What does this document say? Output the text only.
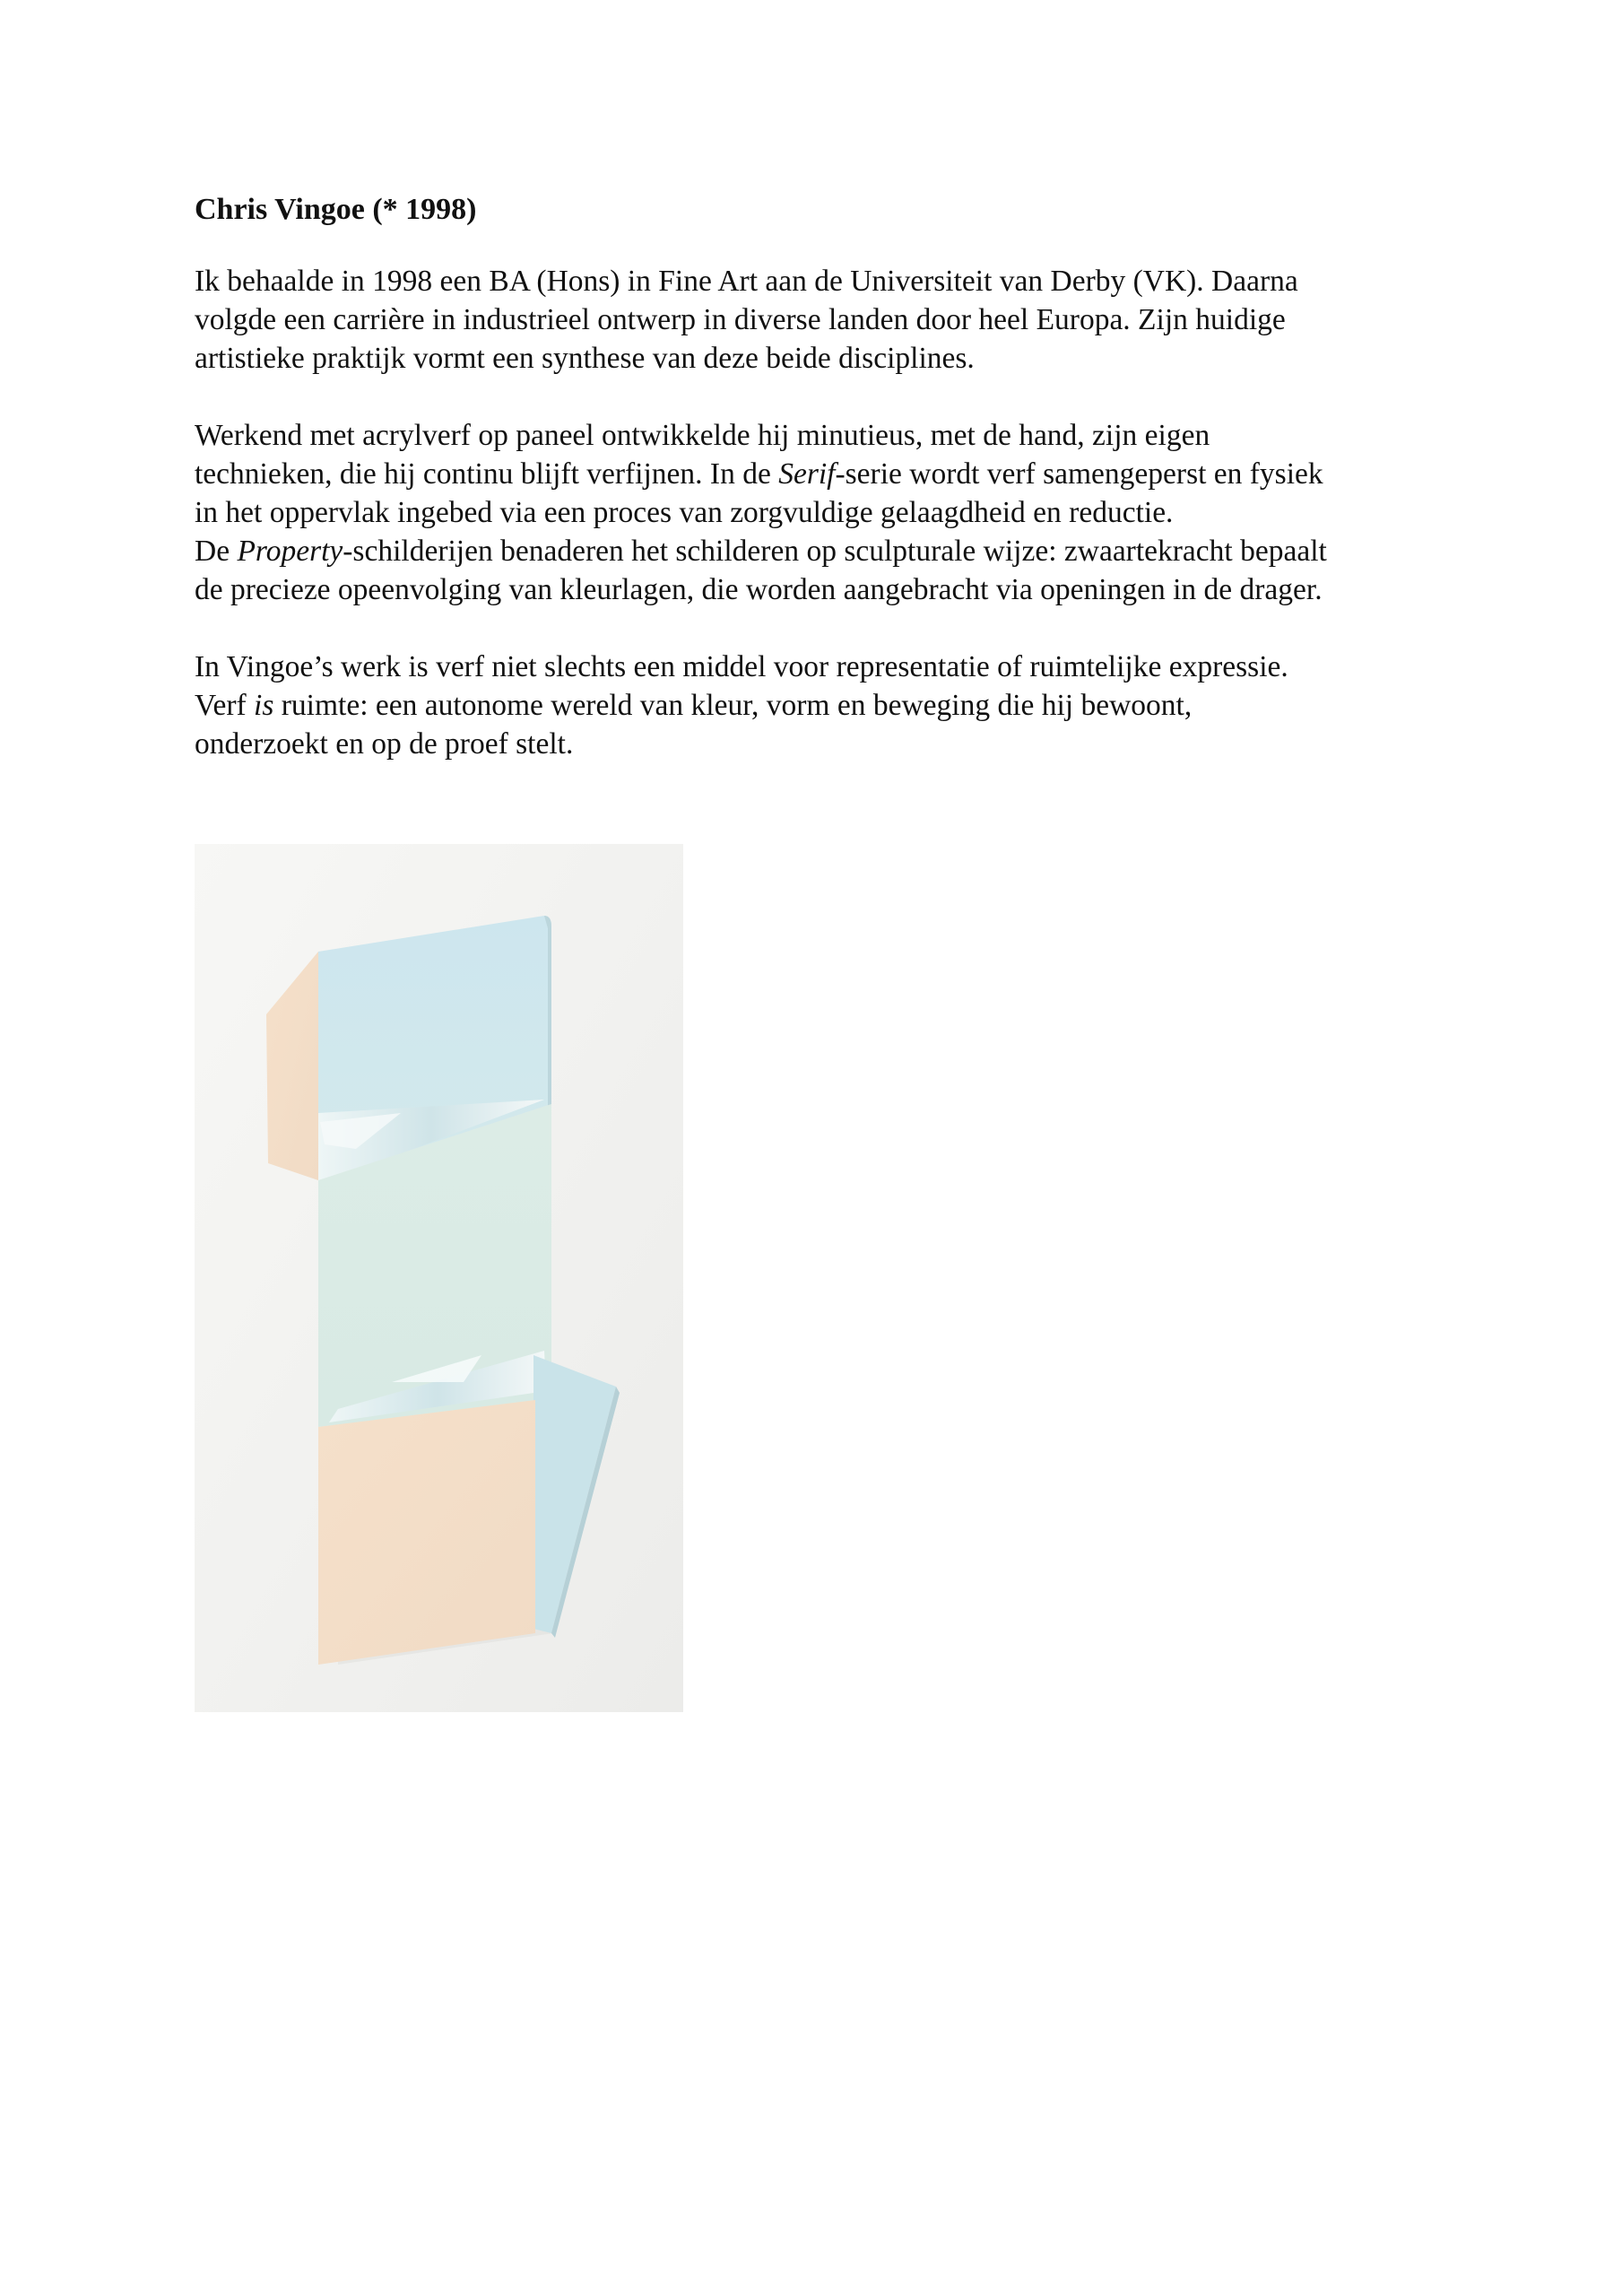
Chris Vingoe (* 1998)

Ik behaalde in 1998 een BA (Hons) in Fine Art aan de Universiteit van Derby (VK). Daarna
volgde een carrière in industrieel ontwerp in diverse landen door heel Europa. Zijn huidige
artistieke praktijk vormt een synthese van deze beide disciplines.

Werkend met acrylverf op paneel ontwikkelde hij minutieus, met de hand, zijn eigen
technieken, die hij continu blijft verfijnen. In de Serif-serie wordt verf samengeperst en fysiek
in het oppervlak ingebed via een proces van zorgvuldige gelaagdheid en reductie.
De Property-schilderijen benaderen het schilderen op sculpturale wijze: zwaartekracht bepaalt
de precieze opeenvolging van kleurlagen, die worden aangebracht via openingen in de drager.

In Vingoe’s werk is verf niet slechts een middel voor representatie of ruimtelijke expressie.
Verf is ruimte: een autonome wereld van kleur, vorm en beweging die hij bewoont,
onderzoekt en op de proef stelt.
